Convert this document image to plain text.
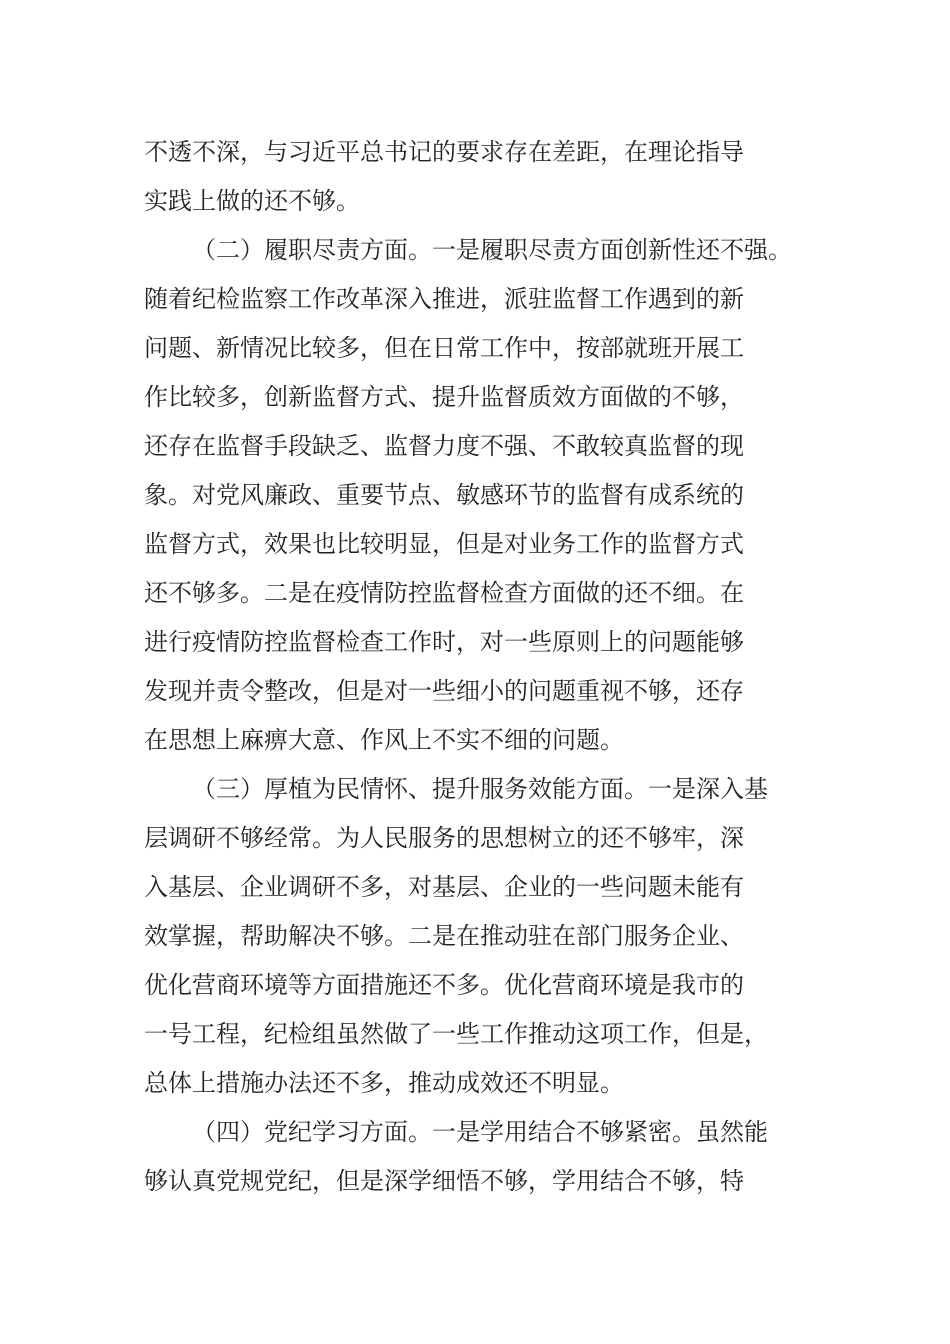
不透不深，与习近平总书记的要求存在差距，在理论指导
实践上做的还不够。
（二）履职尽责方面。一是履职尽责方面创新性还不强。
随着纪检监察工作改革深入推进，派驻监督工作遇到的新
问题、新情况比较多，但在日常工作中，按部就班开展工
作比较多，创新监督方式、提升监督质效方面做的不够，
还存在监督手段缺乏、监督力度不强、不敢较真监督的现
象。对党风廉政、重要节点、敏感环节的监督有成系统的
监督方式，效果也比较明显，但是对业务工作的监督方式
还不够多。二是在疫情防控监督检查方面做的还不细。在
进行疫情防控监督检查工作时，对一些原则上的问题能够
发现并责令整改，但是对一些细小的问题重视不够，还存
在思想上麻痹大意、作风上不实不细的问题。
（三）厚植为民情怀、提升服务效能方面。一是深入基
层调研不够经常。为人民服务的思想树立的还不够牢，深
入基层、企业调研不多，对基层、企业的一些问题未能有
效掌握，帮助解决不够。二是在推动驻在部门服务企业、
优化营商环境等方面措施还不多。优化营商环境是我市的
一号工程，纪检组虽然做了一些工作推动这项工作，但是，
总体上措施办法还不多，推动成效还不明显。
（四）党纪学习方面。一是学用结合不够紧密。虽然能
够认真党规党纪，但是深学细悟不够，学用结合不够，特
